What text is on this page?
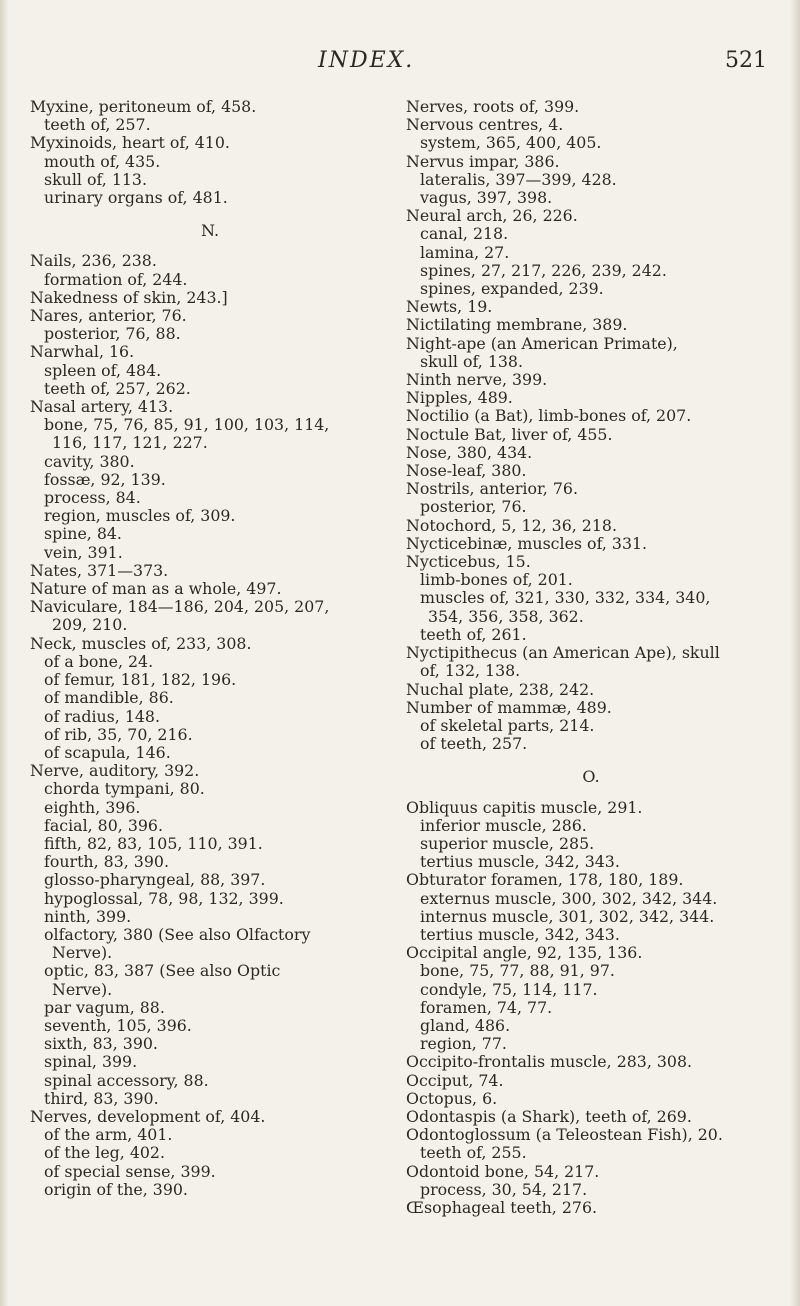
INDEX.	521

Myxine, peritoneum of, 458.

teeth of, 257.

Myxinoids, heart of, 410.

mouth of, 435.

skull of, 113.

urinary organs of, 481.

N.

Nails, 236, 238.

formation of, 244.

Nakedness of skin, 243.]

Nares, anterior, 76.

posterior, 76, 88.

Narwhal, 16.

spleen of, 484.

teeth of, 257, 262.

Nasal artery, 413.

bone, 75, 76, 85, 91, 100, 103, 114,

116, 117, 121, 227.

cavity, 380.

fossæ, 92, 139.

process, 84.

region, muscles of, 309.

spine, 84.

vein, 391.

Nates, 371—373.

Nature of man as a whole, 497.

Naviculare, 184—186, 204, 205, 207,

209, 210.

Neck, muscles of, 233, 308.

of a bone, 24.

of femur, 181, 182, 196.

of mandible, 86.

of radius, 148.

of rib, 35, 70, 216.

of scapula, 146.

Nerve, auditory, 392.

chorda tympani, 80.

eighth, 396.

facial, 80, 396.

fifth, 82, 83, 105, 110, 391.

fourth, 83, 390.

glosso-pharyngeal, 88, 397.

hypoglossal, 78, 98, 132, 399.

ninth, 399.

olfactory, 380 (See also Olfactory

Nerve).

optic, 83, 387 (See also Optic

Nerve).

par vagum, 88.

seventh, 105, 396.

sixth, 83, 390.

spinal, 399.

spinal accessory, 88.

third, 83, 390.

Nerves, development of, 404.

of the arm, 401.

of the leg, 402.

of special sense, 399.

origin of the, 390.

Nerves, roots of, 399.

Nervous centres, 4.

system, 365, 400, 405.

Nervus impar, 386.

lateralis, 397—399, 428.

vagus, 397, 398.

Neural arch, 26, 226.

canal, 218.

lamina, 27.

spines, 27, 217, 226, 239, 242.

spines, expanded, 239.

Newts, 19.

Nictilating membrane, 389.

Night-ape (an American Primate),

skull of, 138.

Ninth nerve, 399.

Nipples, 489.

Noctilio (a Bat), limb-bones of, 207.

Noctule Bat, liver of, 455.

Nose, 380, 434.

Nose-leaf, 380.

Nostrils, anterior, 76.

posterior, 76.

Notochord, 5, 12, 36, 218.

Nycticebinæ, muscles of, 331.

Nycticebus, 15.

limb-bones of, 201.

muscles of, 321, 330, 332, 334, 340,

354, 356, 358, 362.

teeth of, 261.

Nyctipithecus (an American Ape), skull

of, 132, 138.

Nuchal plate, 238, 242.

Number of mammæ, 489.

of skeletal parts, 214.

of teeth, 257.

O.

Obliquus capitis muscle, 291.

inferior muscle, 286.

superior muscle, 285.

tertius muscle, 342, 343.

Obturator foramen, 178, 180, 189.

externus muscle, 300, 302, 342, 344.

internus muscle, 301, 302, 342, 344.

tertius muscle, 342, 343.

Occipital angle, 92, 135, 136.

bone, 75, 77, 88, 91, 97.

condyle, 75, 114, 117.

foramen, 74, 77.

gland, 486.

region, 77.

Occipito-frontalis muscle, 283, 308.

Occiput, 74.

Octopus, 6.

Odontaspis (a Shark), teeth of, 269.

Odontoglossum (a Teleostean Fish), 20.

teeth of, 255.

Odontoid bone, 54, 217.

process, 30, 54, 217.

Œsophageal teeth, 276.
